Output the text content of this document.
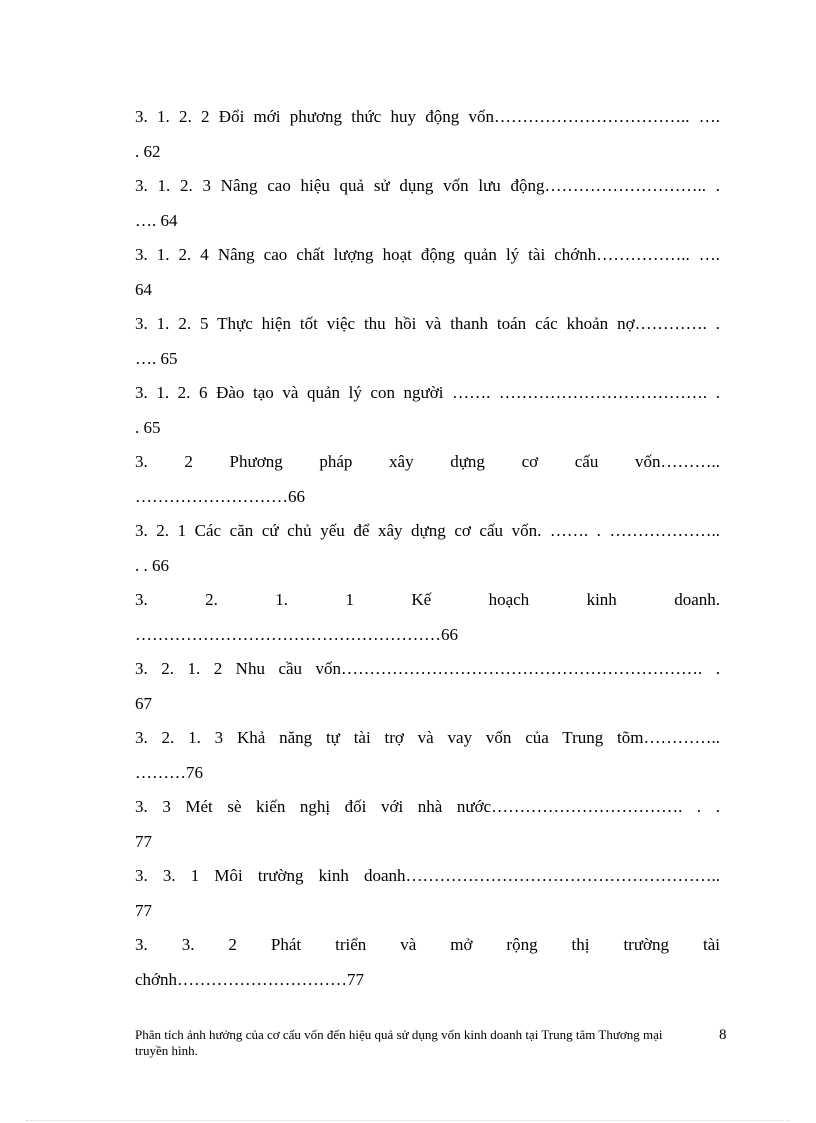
3. 1. 2. 2 Đổi mới phương thức huy động vốn…………………………….. ….
. 62
3. 1. 2. 3 Nâng cao hiệu quả sử dụng vốn lưu động……………………….. .
…. 64
3. 1. 2. 4 Nâng cao chất lượng hoạt động quản lý tài chớnh…………….. ….
64
3. 1. 2. 5 Thực hiện tốt việc thu hồi và thanh toán các khoản nợ…………. .
…. 65
3. 1. 2. 6 Đào tạo và quản lý con người ……. ………………………………. .
. 65
3. 2 Phương pháp xây dựng cơ cấu vốn………..
………………………66
3. 2. 1 Các căn cứ chủ yếu để xây dựng cơ cấu vốn. ……. . ………………..
. . 66
3. 2. 1. 1 Kế hoạch kinh doanh.
………………………………………………66
3. 2. 1. 2 Nhu cầu vốn………………………………………………………. .
67
3. 2. 1. 3 Khả năng tự tài trợ và vay vốn của Trung tõm…………..
………76
3. 3 Mét sè kiến nghị đối với nhà nước……………………………. . .
77
3. 3. 1 Môi trường kinh doanh………………………………………………..
77
3. 3. 2 Phát triển và mở rộng thị trường tài
chớnh…………………………77
Phân tích ảnh hưởng của cơ cấu vốn đến hiệu quả sử dụng vốn kinh doanh tại Trung tâm Thương mại truyền hình.
8
